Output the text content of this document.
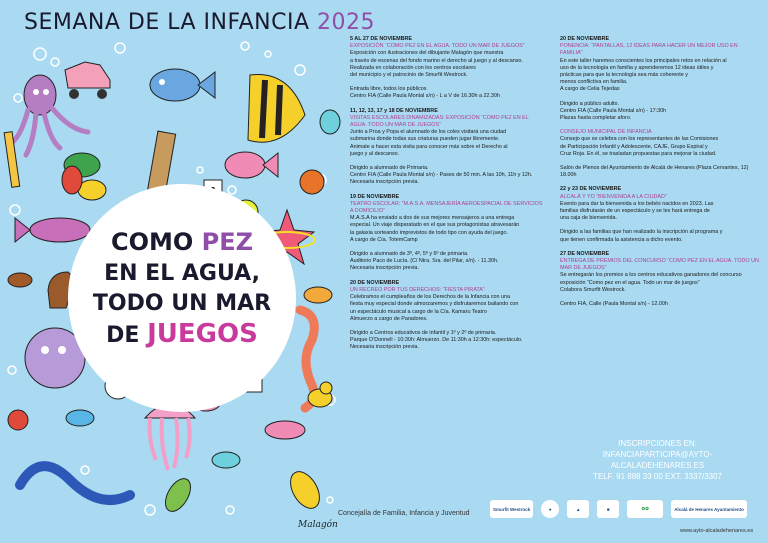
SEMANA DE LA INFANCIA 2025
COMO PEZ
EN EL AGUA,
TODO UN MAR
DE JUEGOS
Malagón
5 AL 27 DE NOVIEMBRE
EXPOSICIÓN “COMO PEZ EN EL AGUA. TODO UN MAR DE JUEGOS”

Exposición con ilustraciones del dibujante Malagón que muestra

a través de escenas del fondo marino el derecho al juego y al descanso.

Realizada en colaboración con los centros escolares

del municipio y el patrocinio de Smurfit Westrock.

Entrada libre, todos los públicos

Centro FIA (Calle Paula Montal s/n) - L a V de 16.30h a 22.30h

11, 12, 13, 17 y 18 DE NOVIEMBRE
VISITAS ESCOLARES DINAMIZADAS: EXPOSICIÓN “COMO PEZ EN EL AGUA. TODO UN MAR DE JUEGOS”

Junto a Proa y Popa el alumnado de los coles visitará una ciudad

submarina donde todas sus criaturas pueden jugar libremente.

Animate a hacer esta visita para conocer más sobre el Derecho al

juego y al descanso.

Dirigido a alumnado de Primaria.

Centro FIA (Calle Paula Montal s/n) - Pases de 50 min. A las 10h, 11h y 12h.

Necesaria inscripción previa.

19 DE NOVIEMBRE
TEATRO ESCOLAR: “M.A.S.A. MENSAJERÍA AEROESPACIAL DE SERVICIOS A DOMICILIO”

M.A.S.A ha enviado a dos de sus mejores mensajeros a una entrega

especial. Un viaje disparatado en el que sus protagonistas atravesarán

la galaxia sorteando imprevistos de todo tipo con ayuda del juego.

A cargo de Cía. TotemCamp

Dirigido a alumnado de 3º, 4º, 5º y 6º de primaria.

Auditorio Paco de Lucía. (C/ Ntra. Sra. del Pilar, s/n). - 11.30h.

Necesaria inscripción previa.

20 DE NOVIEMBRE
UN RECREO POR TUS DERECHOS: “FIESTA PIRATA”

Celebramos el cumpleaños de los Derechos de la Infancia con una

fiesta muy especial donde almorzaremos y disfrutaremos bailando con

un espectáculo musical a cargo de la Cía. Kamaru Teatro

Almuerzo a cargo de Paradores.

Dirigido a Centros educativos de infantil y 1º y 2º de primaria.

Parque O’Donnell - 10:30h: Almuerzo. De 11:30h a 12:30h: espectáculo.

Necesaria inscripción previa.

20 DE NOVIEMBRE
PONENCIA: “PANTALLAS, 12 IDEAS PARA HACER UN MEJOR USO EN FAMILIA”

En este taller haremos conscientes los principales retos en relación al

uso de la tecnología en familia y aprenderemos 12 ideas útiles y

prácticas para que la tecnología sea más coherente y

menos conflictiva en familia.

A cargo de Celia Tejedas

Dirigido a público adulto.

Centro FIA (Calle Paula Montal s/n) - 17:30h

Plazas hasta completar aforo.

CONSEJO MUNICIPAL DE INFANCIA

Consejo que se celebra con los representantes de las Comisiones

de Participación Infantil y Adolescente, CAJE, Grupo Espiral y

Cruz Roja. En él, se trasladan propuestas para mejorar la ciudad.

Salón de Plenos del Ayuntamiento de Alcalá de Henares (Plaza Cervantes, 12)

18.00h

22 y 23 DE NOVIEMBRE
ALCALÁ Y YO “BIENVENIDA A LA CIUDAD”

Evento para dar la bienvenida a los bebés nacidos en 2023. Las

familias disfrutarán de un espectáculo y se les hará entrega de

una caja de bienvenida.

Dirigido a las familias que han realizado la inscripción al programa y

que tienen confirmada la asistencia a dicho evento.

27 DE NOVIEMBRE
ENTREGA DE PREMIOS DEL CONCURSO “COMO PEZ EN EL AGUA. TODO UN MAR DE JUEGOS”

Se entregarán los premios a los centros educativos ganadores del concurso

exposición “Como pez en el agua. Todo un mar de juegos”

Colabora Smurfit Westrock.

Centro FIA, Calle (Paula Montal s/n) - 12.00h

INSCRIPCIONES EN:
INFANCIAPARTICIPA@AYTO-ALCALADEHENARES.ES
TELF. 91 888 33 00 EXT. 3337/3307
Concejalía de Familia, Infancia y Juventud
Smurfit Westrock	●	▲	■	✿✿	Alcalá de Henares Ayuntamiento
www.ayto-alcaladehenares.es
